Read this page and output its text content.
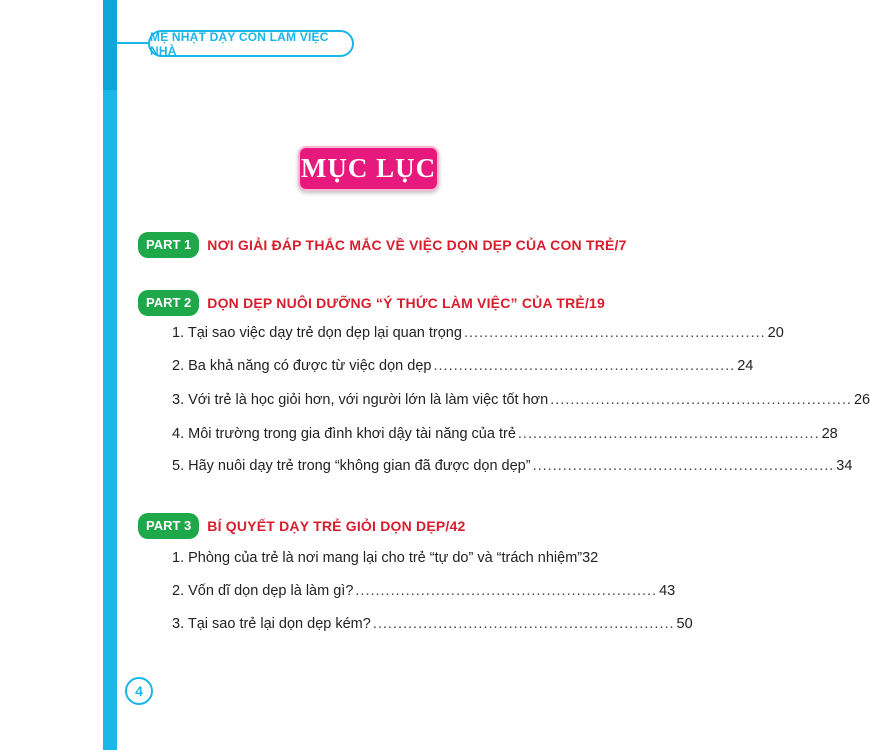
MẸ NHẬT DẠY CON LÀM VIỆC NHÀ
MỤC LỤC
PART 1	NƠI GIẢI ĐÁP THẮC MẮC VỀ VIỆC DỌN DẸP CỦA CON TRẺ/7
PART 2	DỌN DẸP NUÔI DƯỠNG “Ý THỨC LÀM VIỆC” CỦA TRẺ/19
1. Tại sao việc dạy trẻ dọn dẹp lại quan trọng ............................................................ 20
2. Ba khả năng có được từ việc dọn dẹp ............................................................ 24
3. Với trẻ là học giỏi hơn, với người lớn là làm việc tốt hơn ............................................................ 26
4. Môi trường trong gia đình khơi dậy tài năng của trẻ ............................................................ 28
5. Hãy nuôi dạy trẻ trong “không gian đã được dọn dẹp” ............................................................ 34
PART 3	BÍ QUYẾT DẠY TRẺ GIỎI DỌN DẸP/42
1. Phòng của trẻ là nơi mang lại cho trẻ “tự do” và “trách nhiệm” 32
2. Vốn dĩ dọn dẹp là làm gì? ............................................................ 43
3. Tại sao trẻ lại dọn dẹp kém? ............................................................ 50
4
